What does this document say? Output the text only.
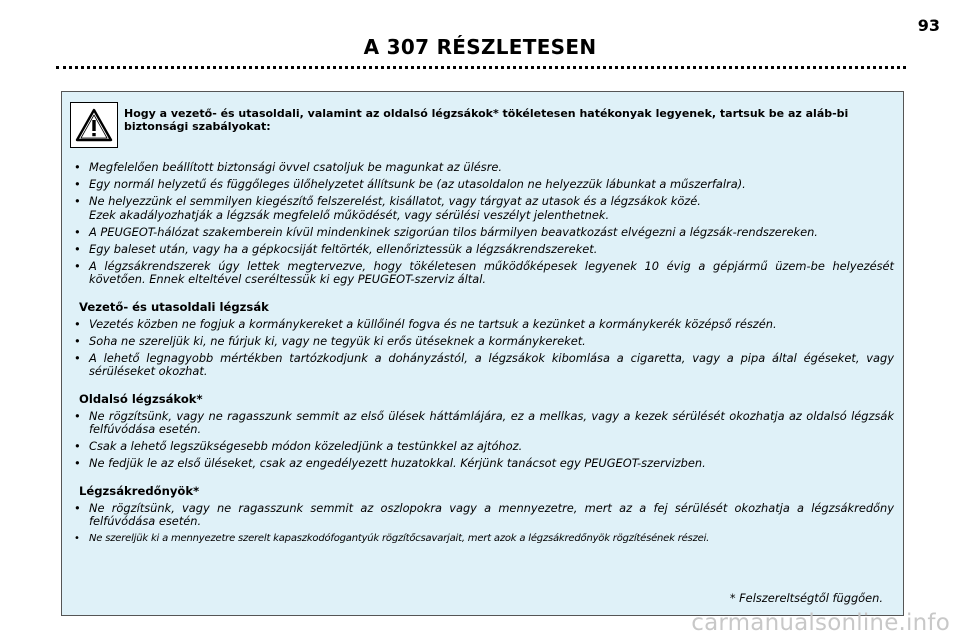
93
A 307 RÉSZLETESEN
Hogy a vezető- és utasoldali, valamint az oldalsó légzsákok* tökéletesen hatékonyak legyenek, tartsuk be az aláb-bi biztonsági szabályokat:
• Megfelelően beállított biztonsági övvel csatoljuk be magunkat az ülésre.
• Egy normál helyzetű és függőleges ülőhelyzetet állítsunk be (az utasoldalon ne helyezzük lábunkat a műszerfalra).
• Ne helyezzünk el semmilyen kiegészítő felszerelést, kisállatot, vagy tárgyat az utasok és a légzsákok közé.
Ezek akadályozhatják a légzsák megfelelő működését, vagy sérülési veszélyt jelenthetnek.
• A PEUGEOT-hálózat szakemberein kívül mindenkinek szigorúan tilos bármilyen beavatkozást elvégezni a légzsák-rendszereken.
• Egy baleset után, vagy ha a gépkocsiját feltörték, ellenőriztessük a légzsákrendszereket.
• A légzsákrendszerek úgy lettek megtervezve, hogy tökéletesen működőképesek legyenek 10 évig a gépjármű üzem-be helyezését követően. Ennek elteltével cseréltessük ki egy PEUGEOT-szerviz által.
Vezető- és utasoldali légzsák
• Vezetés közben ne fogjuk a kormánykereket a küllőinél fogva és ne tartsuk a kezünket a kormánykerék középső részén.
• Soha ne szereljük ki, ne fúrjuk ki, vagy ne tegyük ki erős ütéseknek a kormánykereket.
• A lehető legnagyobb mértékben tartózkodjunk a dohányzástól, a légzsákok kibomlása a cigaretta, vagy a pipa által égéseket, vagy sérüléseket okozhat.
Oldalsó légzsákok*
• Ne rögzítsünk, vagy ne ragasszunk semmit az első ülések háttámlájára, ez a mellkas, vagy a kezek sérülését okozhatja az oldalsó légzsák felfúvódása esetén.
• Csak a lehető legszükségesebb módon közeledjünk a testünkkel az ajtóhoz.
• Ne fedjük le az első üléseket, csak az engedélyezett huzatokkal. Kérjünk tanácsot egy PEUGEOT-szervizben.
Légzsákredőnyök*
• Ne rögzítsünk, vagy ne ragasszunk semmit az oszlopokra vagy a mennyezetre, mert az a fej sérülését okozhatja a légzsákredőny felfúvódása esetén.
• Ne szereljük ki a mennyezetre szerelt kapaszkodófogantyúk rögzítőcsavarjait, mert azok a légzsákredőnyök rögzítésének részei.
* Felszereltségtől függően.
carmanualsonline.info
